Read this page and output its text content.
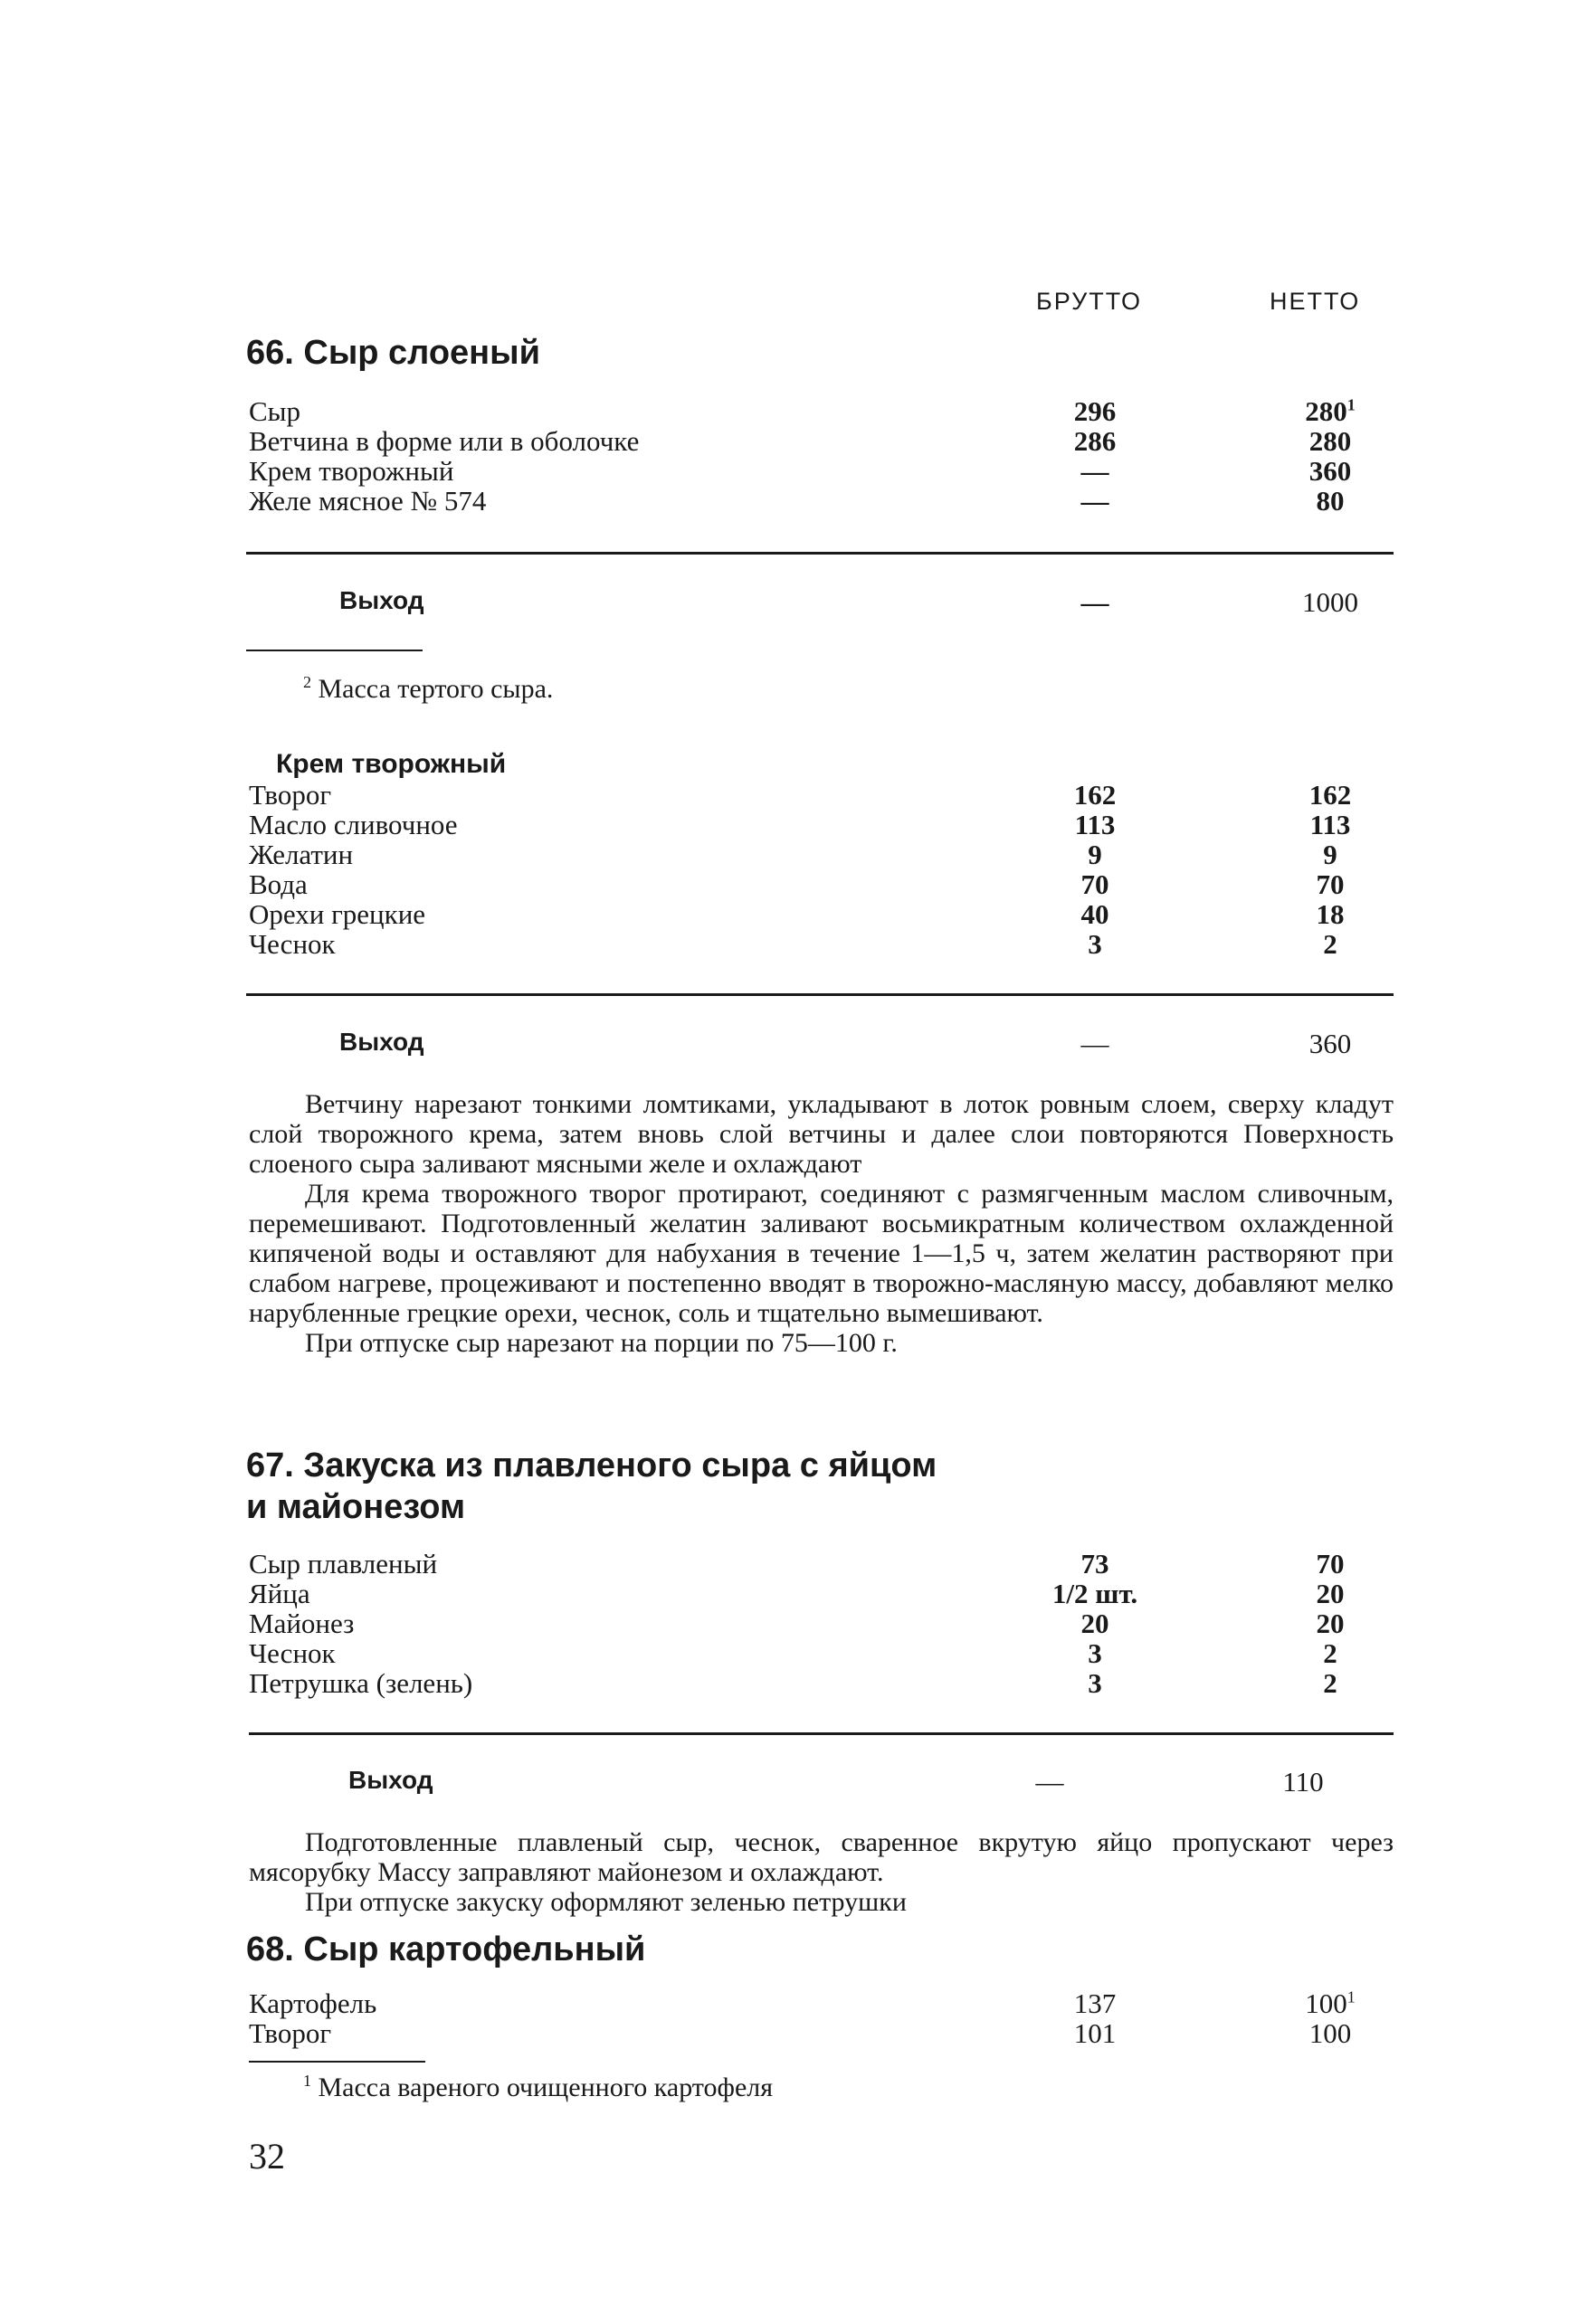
БРУТТО	НЕТТО
66. Сыр слоеный
Сыр	296	$280^1$
Ветчина в форме или в оболочке	286	280
Крем творожный	—	360
Желе мясное № 574	—	80
Выход	—	1000
$^2$ Масса тертого сыра.
Крем творожный
Творог	162	162
Масло сливочное	113	113
Желатин	9	9
Вода	70	70
Орехи грецкие	40	18
Чеснок	3	2
Выход	—	360

Ветчину нарезают тонкими ломтиками, укладывают в лоток ровным слоем, сверху кладут слой творожного крема, затем вновь слой ветчины и далее слои повторяются Поверхность слоеного сыра заливают мясными желе и охлаждают

Для крема творожного творог протирают, соединяют с размягченным маслом сливочным, перемешивают. Подготовленный желатин заливают восьмикратным количеством охлажденной кипяченой воды и оставляют для набухания в течение 1—1,5 ч, затем желатин растворяют при слабом нагреве, процеживают и постепенно вводят в творожно-масляную массу, добавляют мелко нарубленные грецкие орехи, чеснок, соль и тщательно вымешивают.

При отпуске сыр нарезают на порции по 75—100 г.

67. Закуска из плавленого сыра с яйцом
и майонезом
Сыр плавленый	73	70
Яйца	1/2 шт.	20
Майонез	20	20
Чеснок	3	2
Петрушка (зелень)	3	2
Выход	—	110

Подготовленные плавленый сыр, чеснок, сваренное вкрутую яйцо пропускают через мясорубку Массу заправляют майонезом и охлаждают.

При отпуске закуску оформляют зеленью петрушки

68. Сыр картофельный
Картофель	137	$100^1$
Творог	101	100
$^1$ Масса вареного очищенного картофеля
32
